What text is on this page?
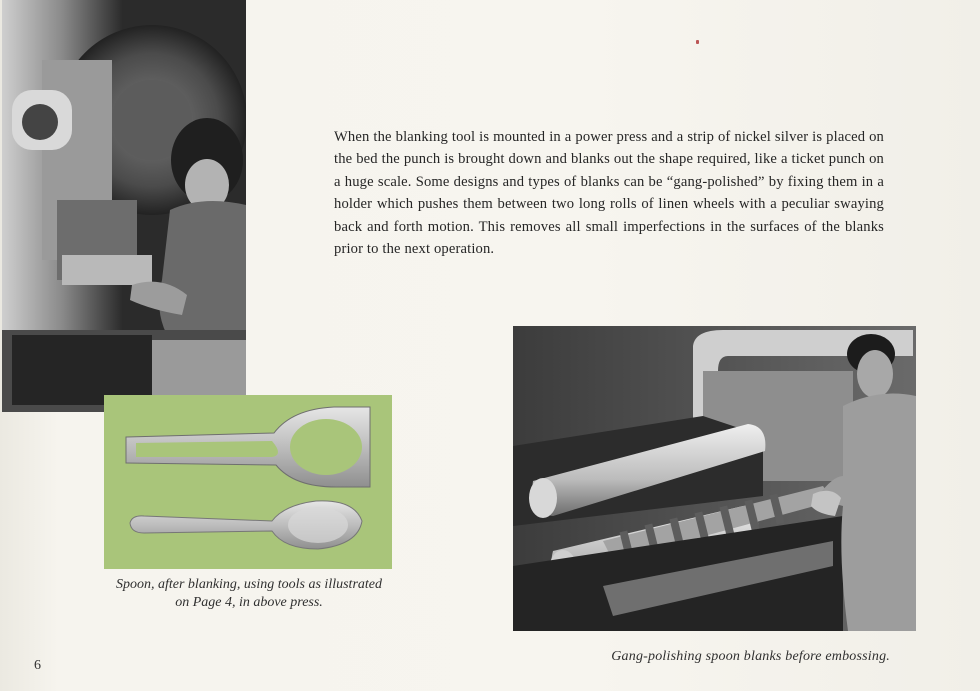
When the blanking tool is mounted in a power press and a strip of nickel silver is placed on the bed the punch is brought down and blanks out the shape required, like a ticket punch on a huge scale. Some designs and types of blanks can be “gang-polished” by fixing them in a holder which pushes them between two long rolls of linen wheels with a peculiar swaying back and forth motion. This removes all small imperfections in the surfaces of the blanks prior to the next operation.

Spoon, after blanking, using tools as illustrated on Page 4, in above press.
Gang-polishing spoon blanks before embossing.
6
